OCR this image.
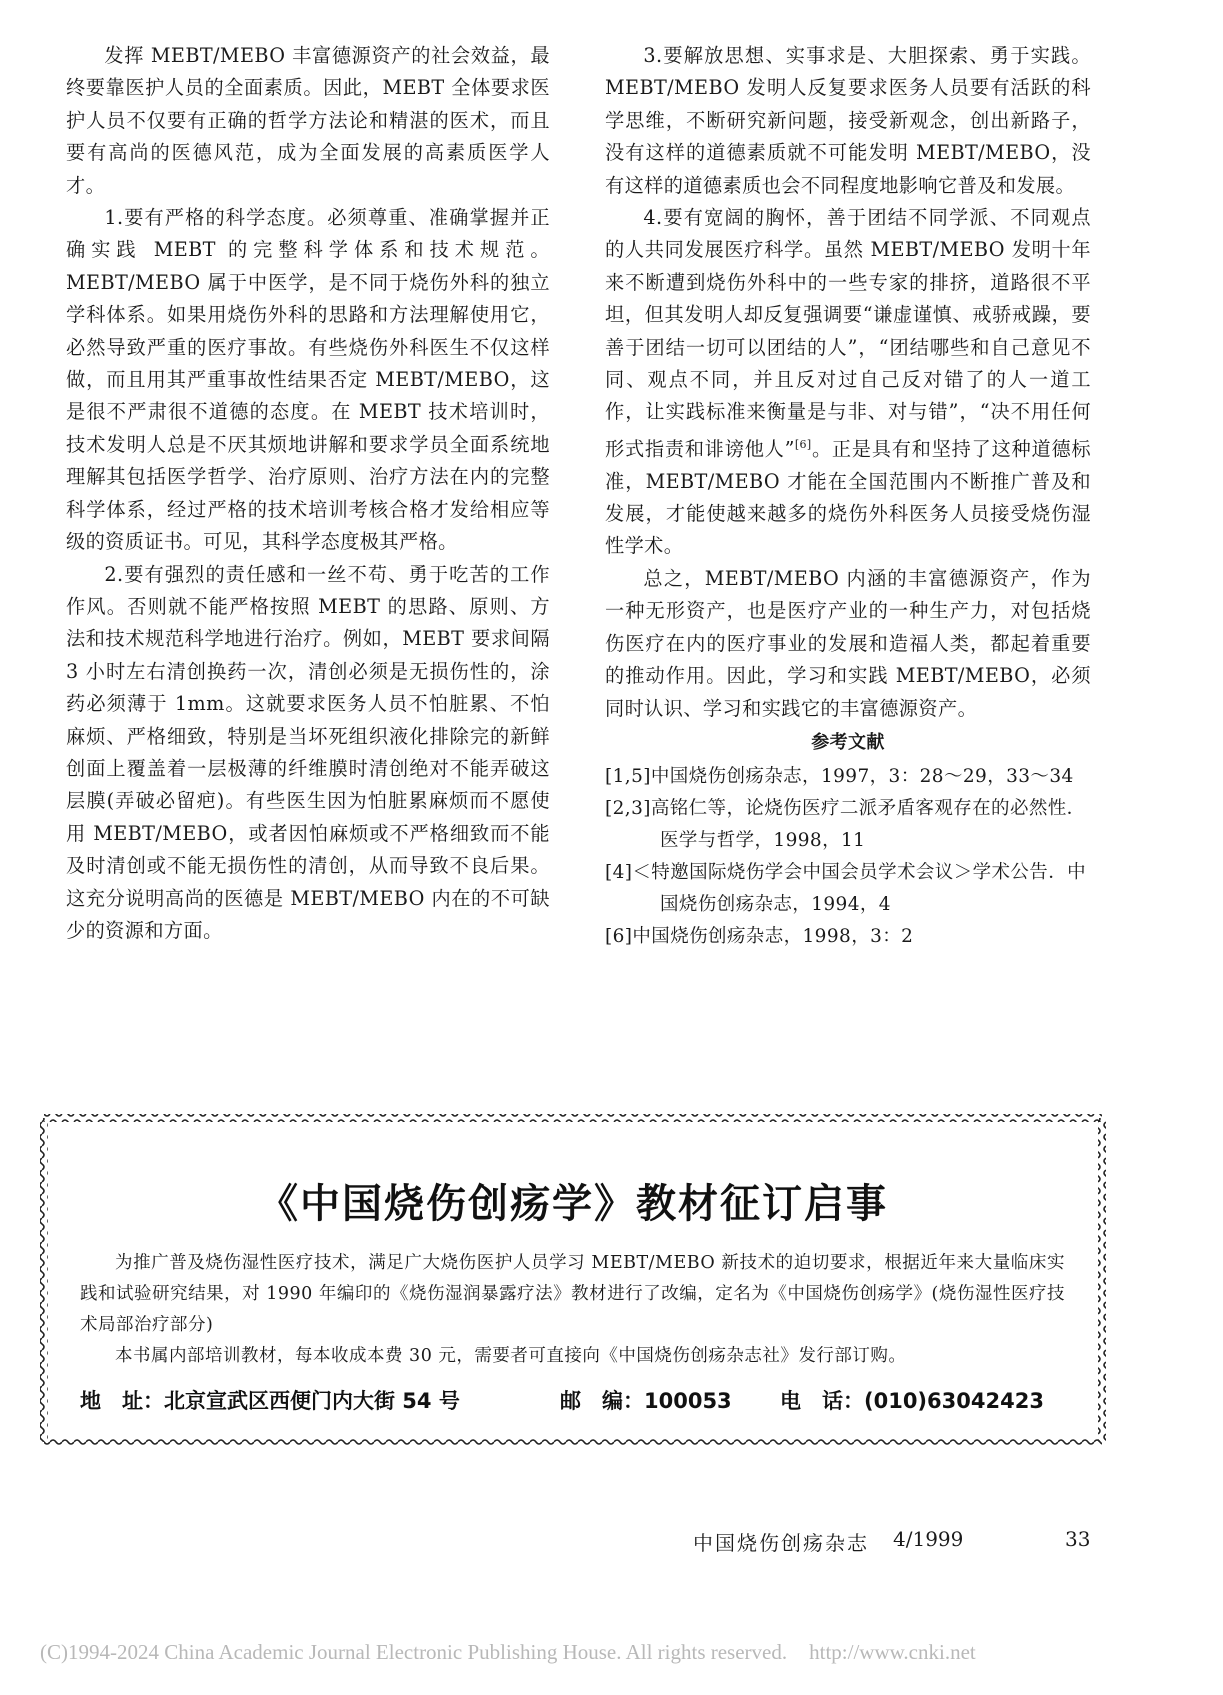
发挥 MEBT/MEBO 丰富德源资产的社会效益，最终要靠医护人员的全面素质。因此，MEBT 全体要求医护人员不仅要有正确的哲学方法论和精湛的医术，而且要有高尚的医德风范，成为全面发展的高素质医学人才。

1.要有严格的科学态度。必须尊重、准确掌握并正确实践 MEBT 的完整科学体系和技术规范。MEBT/MEBO 属于中医学，是不同于烧伤外科的独立学科体系。如果用烧伤外科的思路和方法理解使用它，必然导致严重的医疗事故。有些烧伤外科医生不仅这样做，而且用其严重事故性结果否定 MEBT/MEBO，这是很不严肃很不道德的态度。在 MEBT 技术培训时，技术发明人总是不厌其烦地讲解和要求学员全面系统地理解其包括医学哲学、治疗原则、治疗方法在内的完整科学体系，经过严格的技术培训考核合格才发给相应等级的资质证书。可见，其科学态度极其严格。

2.要有强烈的责任感和一丝不苟、勇于吃苦的工作作风。否则就不能严格按照 MEBT 的思路、原则、方法和技术规范科学地进行治疗。例如，MEBT 要求间隔 3 小时左右清创换药一次，清创必须是无损伤性的，涂药必须薄于 1mm。这就要求医务人员不怕脏累、不怕麻烦、严格细致，特别是当坏死组织液化排除完的新鲜创面上覆盖着一层极薄的纤维膜时清创绝对不能弄破这层膜(弄破必留疤)。有些医生因为怕脏累麻烦而不愿使用 MEBT/MEBO，或者因怕麻烦或不严格细致而不能及时清创或不能无损伤性的清创，从而导致不良后果。这充分说明高尚的医德是 MEBT/MEBO 内在的不可缺少的资源和方面。

3.要解放思想、实事求是、大胆探索、勇于实践。MEBT/MEBO 发明人反复要求医务人员要有活跃的科学思维，不断研究新问题，接受新观念，创出新路子，没有这样的道德素质就不可能发明 MEBT/MEBO，没有这样的道德素质也会不同程度地影响它普及和发展。

4.要有宽阔的胸怀，善于团结不同学派、不同观点的人共同发展医疗科学。虽然 MEBT/MEBO 发明十年来不断遭到烧伤外科中的一些专家的排挤，道路很不平坦，但其发明人却反复强调要“谦虚谨慎、戒骄戒躁，要善于团结一切可以团结的人”，“团结哪些和自己意见不同、观点不同，并且反对过自己反对错了的人一道工作，让实践标准来衡量是与非、对与错”，“决不用任何形式指责和诽谤他人”[6]。正是具有和坚持了这种道德标准，MEBT/MEBO 才能在全国范围内不断推广普及和发展，才能使越来越多的烧伤外科医务人员接受烧伤湿性学术。

总之，MEBT/MEBO 内涵的丰富德源资产，作为一种无形资产，也是医疗产业的一种生产力，对包括烧伤医疗在内的医疗事业的发展和造福人类，都起着重要的推动作用。因此，学习和实践 MEBT/MEBO，必须同时认识、学习和实践它的丰富德源资产。

参考文献
[1,5]中国烧伤创疡杂志，1997，3：28～29，33～34
[2,3]高铭仁等，论烧伤医疗二派矛盾客观存在的必然性．医学与哲学，1998，11
[4]＜特邀国际烧伤学会中国会员学术会议＞学术公告．中国烧伤创疡杂志，1994，4
[6]中国烧伤创疡杂志，1998，3：2
《中国烧伤创疡学》教材征订启事

为推广普及烧伤湿性医疗技术，满足广大烧伤医护人员学习 MEBT/MEBO 新技术的迫切要求，根据近年来大量临床实践和试验研究结果，对 1990 年编印的《烧伤湿润暴露疗法》教材进行了改编，定名为《中国烧伤创疡学》(烧伤湿性医疗技术局部治疗部分)

本书属内部培训教材，每本收成本费 30 元，需要者可直接向《中国烧伤创疡杂志社》发行部订购。

地　址：北京宣武区西便门内大街 54 号	邮　编：100053 电　话：(010)63042423
中国烧伤创疡杂志 4/1999	33
(C)1994-2024 China Academic Journal Electronic Publishing House. All rights reserved. http://www.cnki.net
